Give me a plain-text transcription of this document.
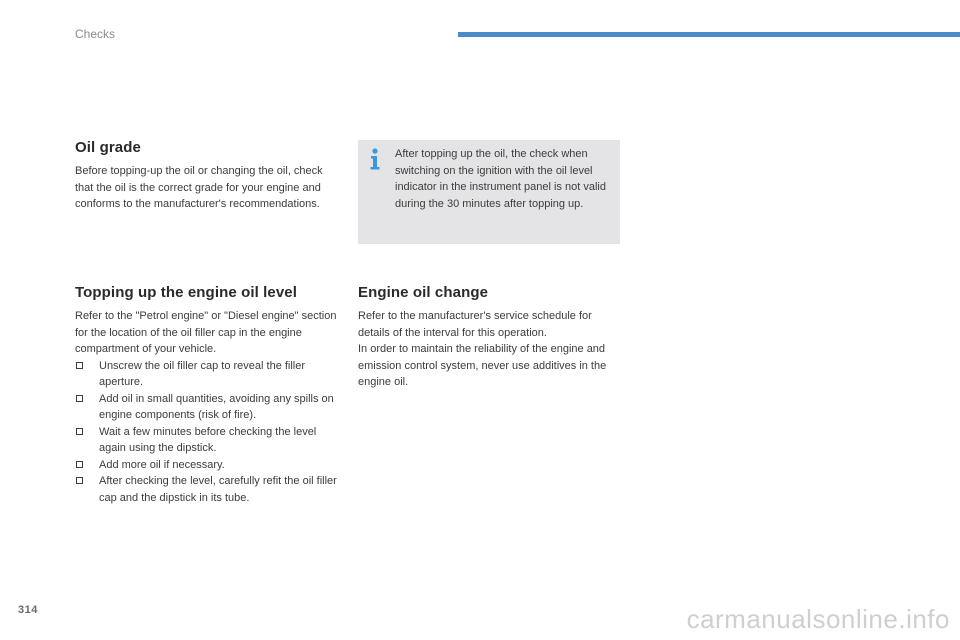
Checks
Oil grade

Before topping-up the oil or changing the oil, check that the oil is the correct grade for your engine and conforms to the manufacturer's recommendations.

After topping up the oil, the check when switching on the ignition with the oil level indicator in the instrument panel is not valid during the 30 minutes after topping up.

Topping up the engine oil level

Refer to the "Petrol engine" or "Diesel engine" section for the location of the oil filler cap in the engine compartment of your vehicle.

Unscrew the oil filler cap to reveal the filler aperture.
Add oil in small quantities, avoiding any spills on engine components (risk of fire).
Wait a few minutes before checking the level again using the dipstick.
Add more oil if necessary.
After checking the level, carefully refit the oil filler cap and the dipstick in its tube.
Engine oil change

Refer to the manufacturer's service schedule for details of the interval for this operation.

In order to maintain the reliability of the engine and emission control system, never use additives in the engine oil.

314	carmanualsonline.info
